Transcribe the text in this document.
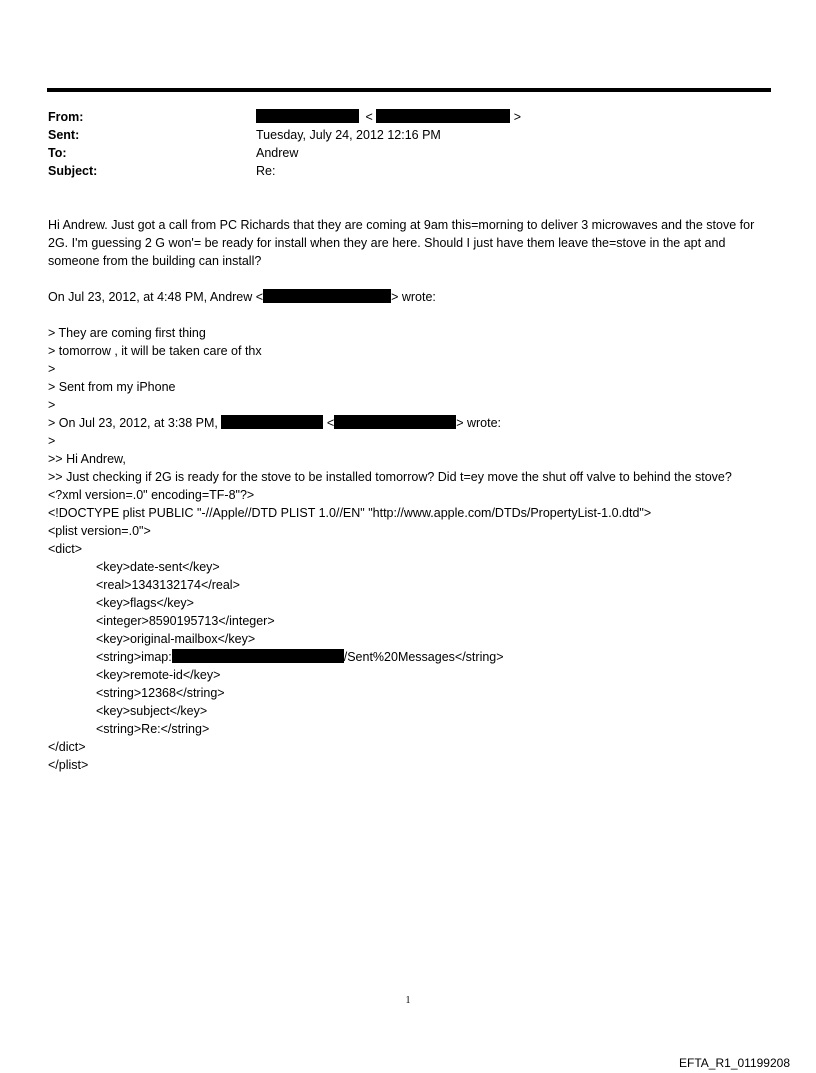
From:	<	>
Sent:	Tuesday, July 24, 2012 12:16 PM
To:	Andrew
Subject:	Re:

Hi Andrew. Just got a call from PC Richards that they are coming at 9am this=morning to deliver 3 microwaves and the stove for 2G. I'm guessing 2 G won'= be ready for install when they are here. Should I just have them leave the=stove in the apt and someone from the building can install?

On Jul 23, 2012, at 4:48 PM, Andrew <	> wrote:

> They are coming first thing

> tomorrow , it will be taken care of thx

>

> Sent from my iPhone

>

> On Jul 23, 2012, at 3:38 PM,	<	> wrote:

>

>> Hi Andrew,

>> Just checking if 2G is ready for the stove to be installed tomorrow? Did t=ey move the shut off valve to behind the stove?

<?xml version=.0" encoding=TF-8"?>

<!DOCTYPE plist PUBLIC "-//Apple//DTD PLIST 1.0//EN" "http://www.apple.com/DTDs/PropertyList-1.0.dtd">

<plist version=.0">

<dict>

<key>date-sent</key>

<real>1343132174</real>

<key>flags</key>

<integer>8590195713</integer>

<key>original-mailbox</key>

<string>imap:	/Sent%20Messages</string>

<key>remote-id</key>

<string>12368</string>

<key>subject</key>

<string>Re:</string>

</dict>

</plist>

1
EFTA_R1_01199208
